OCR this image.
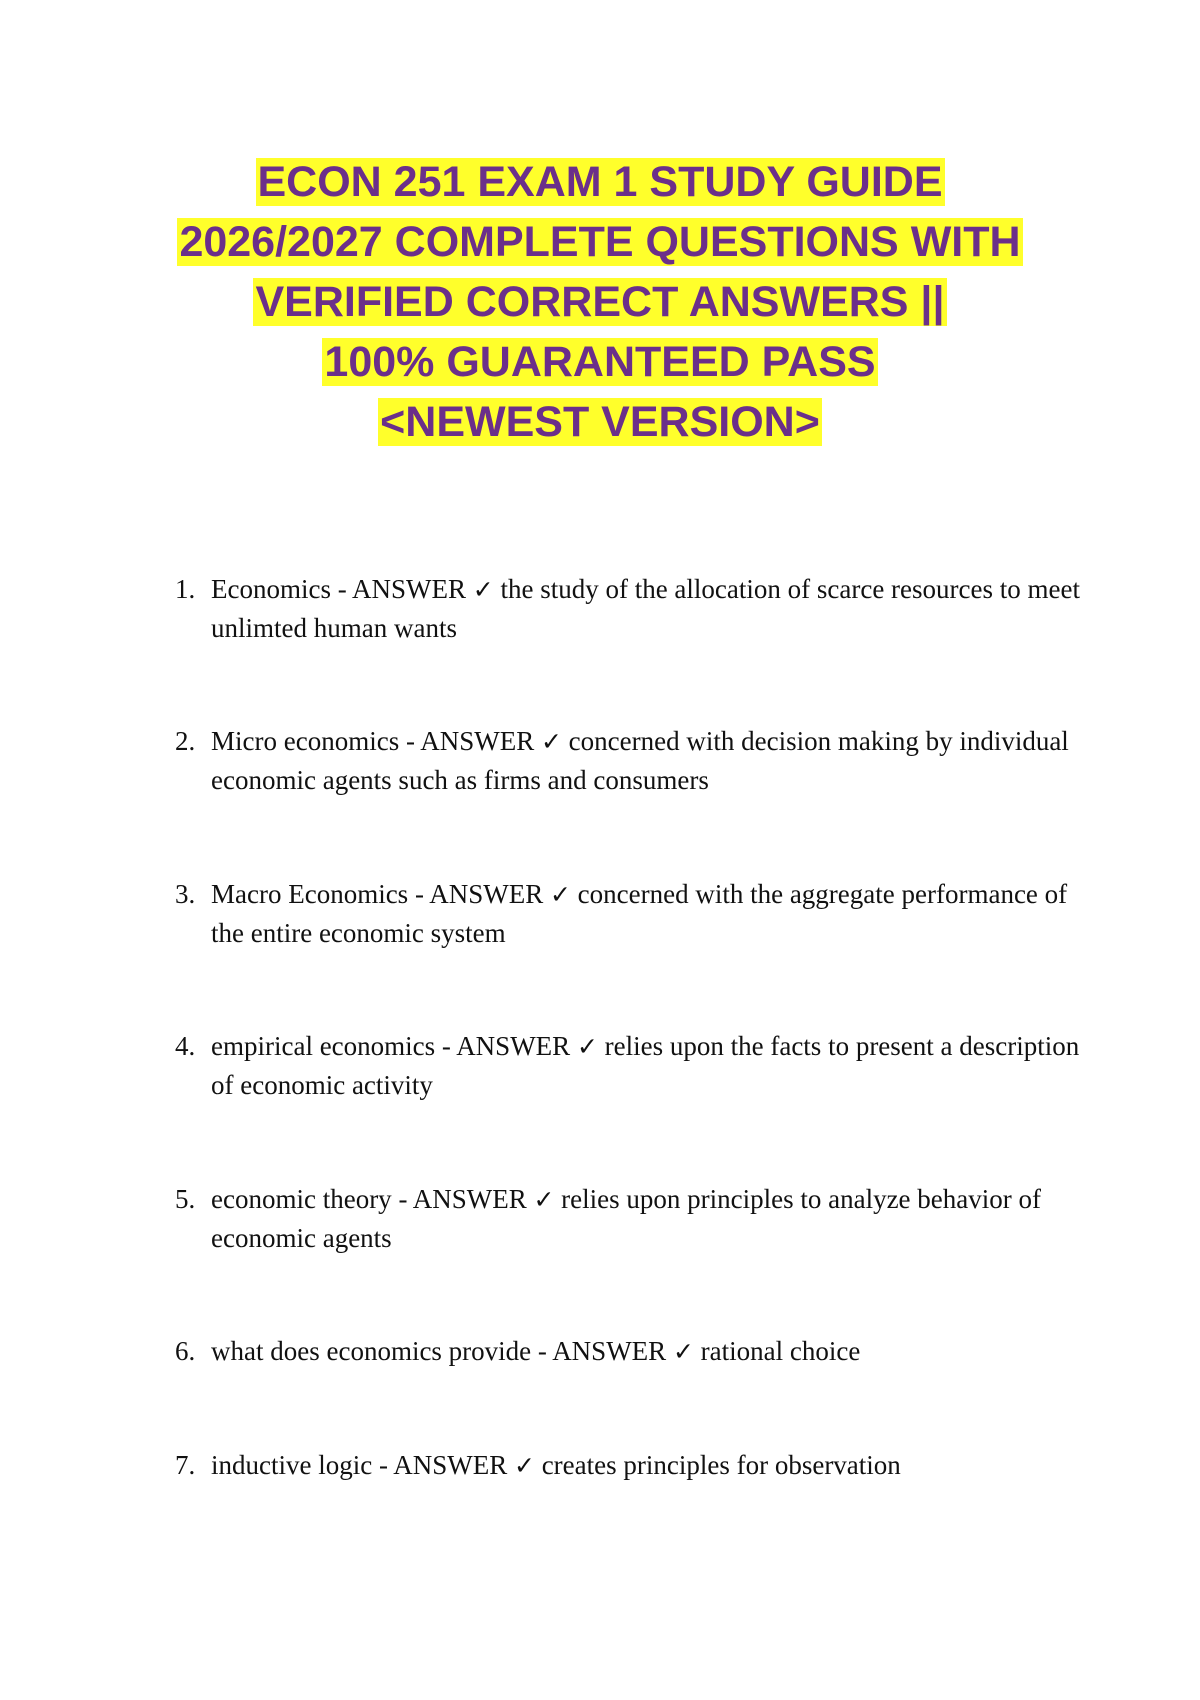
ECON 251 EXAM 1 STUDY GUIDE
2026/2027 COMPLETE QUESTIONS WITH
VERIFIED CORRECT ANSWERS ||
100% GUARANTEED PASS
<NEWEST VERSION>
1. Economics - ANSWER ✓ the study of the allocation of scarce resources to meet unlimted human wants
2. Micro economics - ANSWER ✓ concerned with decision making by individual economic agents such as firms and consumers
3. Macro Economics - ANSWER ✓ concerned with the aggregate performance of the entire economic system
4. empirical economics - ANSWER ✓ relies upon the facts to present a description of economic activity
5. economic theory - ANSWER ✓ relies upon principles to analyze behavior of economic agents
6. what does economics provide - ANSWER ✓ rational choice
7. inductive logic - ANSWER ✓ creates principles for observation
